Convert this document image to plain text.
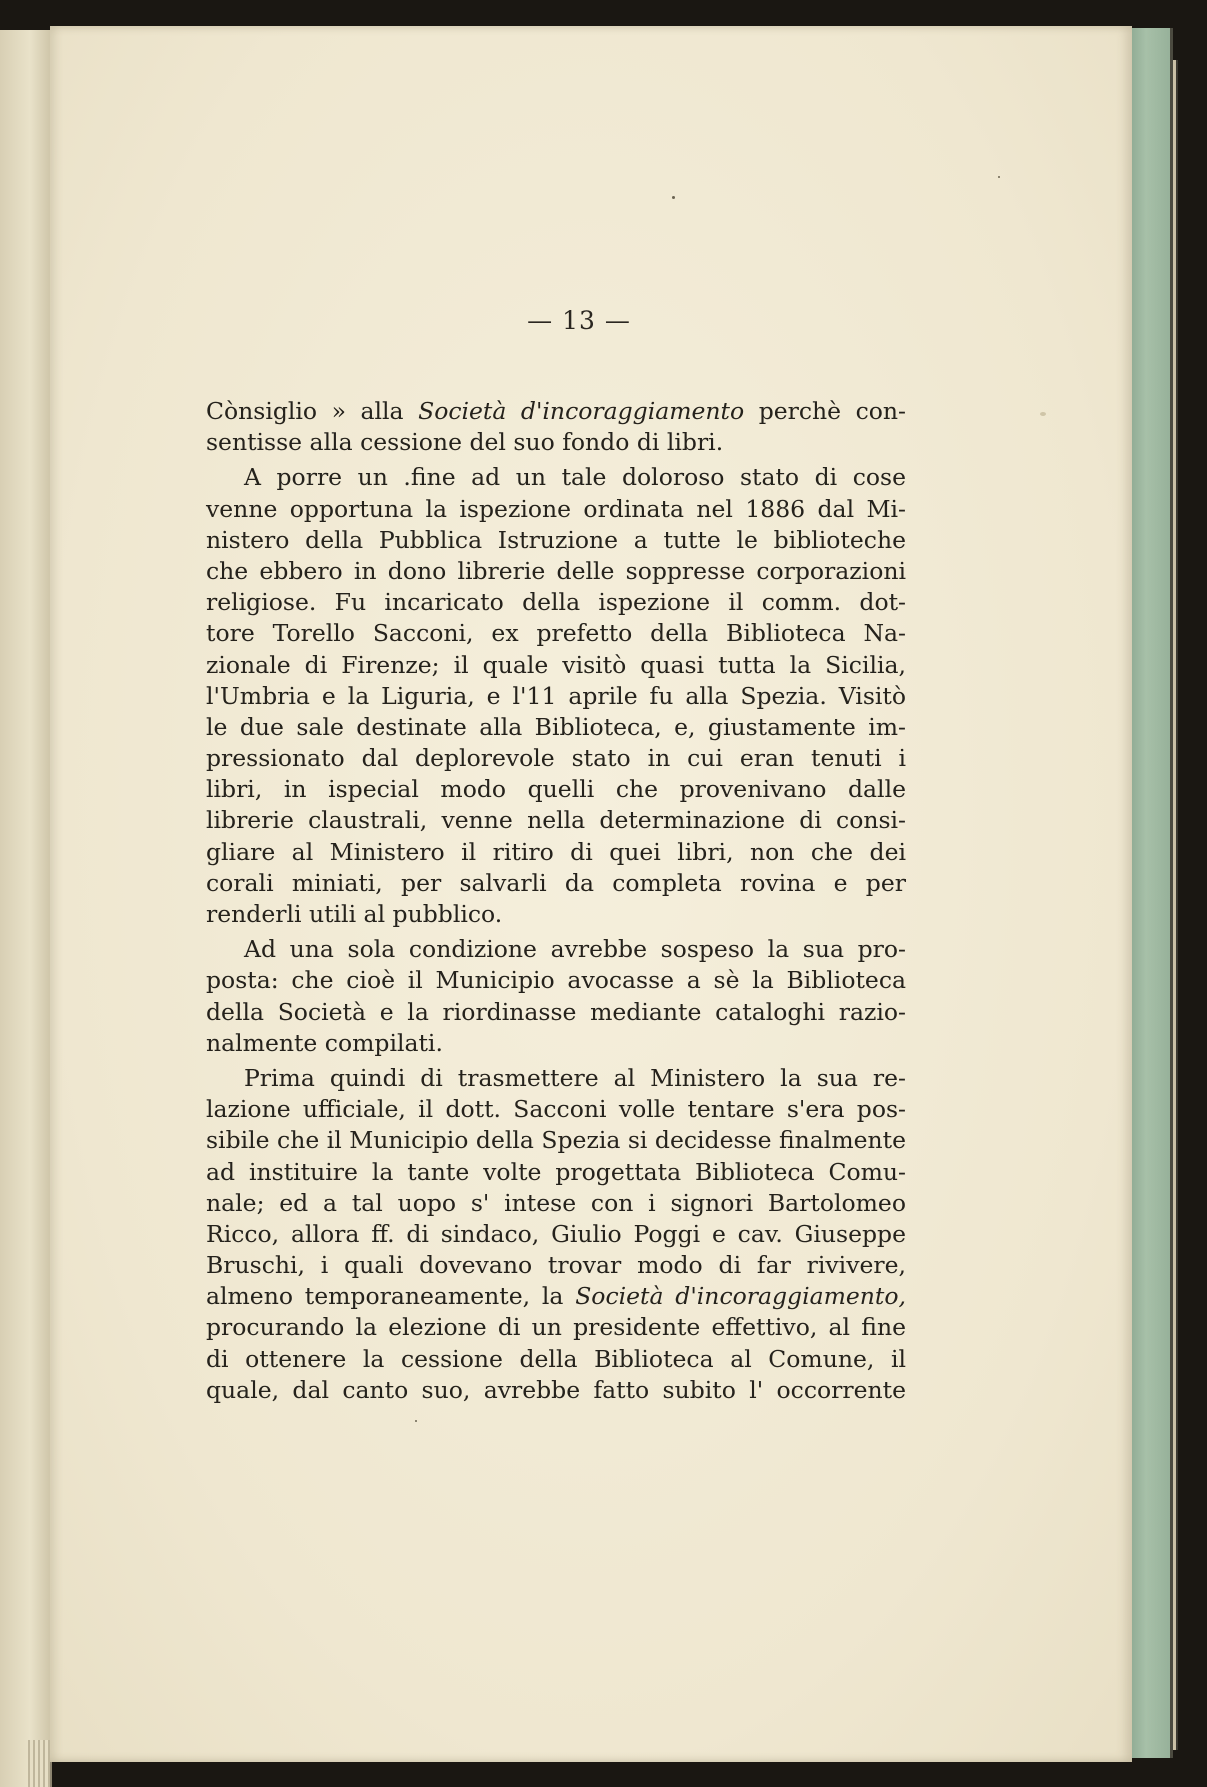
— 13 —
Cònsiglio » alla Società d'incoraggiamento perchè con-
sentisse alla cessione del suo fondo di libri.
A porre un .fine ad un tale doloroso stato di cose
venne opportuna la ispezione ordinata nel 1886 dal Mi-
nistero della Pubblica Istruzione a tutte le biblioteche
che ebbero in dono librerie delle soppresse corporazioni
religiose. Fu incaricato della ispezione il comm. dot-
tore Torello Sacconi, ex prefetto della Biblioteca Na-
zionale di Firenze; il quale visitò quasi tutta la Sicilia,
l'Umbria e la Liguria, e l'11 aprile fu alla Spezia. Visitò
le due sale destinate alla Biblioteca, e, giustamente im-
pressionato dal deplorevole stato in cui eran tenuti i
libri, in ispecial modo quelli che provenivano dalle
librerie claustrali, venne nella determinazione di consi-
gliare al Ministero il ritiro di quei libri, non che dei
corali miniati, per salvarli da completa rovina e per
renderli utili al pubblico.
Ad una sola condizione avrebbe sospeso la sua pro-
posta: che cioè il Municipio avocasse a sè la Biblioteca
della Società e la riordinasse mediante cataloghi razio-
nalmente compilati.
Prima quindi di trasmettere al Ministero la sua re-
lazione ufficiale, il dott. Sacconi volle tentare s'era pos-
sibile che il Municipio della Spezia si decidesse finalmente
ad instituire la tante volte progettata Biblioteca Comu-
nale; ed a tal uopo s' intese con i signori Bartolomeo
Ricco, allora ff. di sindaco, Giulio Poggi e cav. Giuseppe
Bruschi, i quali dovevano trovar modo di far rivivere,
almeno temporaneamente, la Società d'incoraggiamento,
procurando la elezione di un presidente effettivo, al fine
di ottenere la cessione della Biblioteca al Comune, il
quale, dal canto suo, avrebbe fatto subito l' occorrente
